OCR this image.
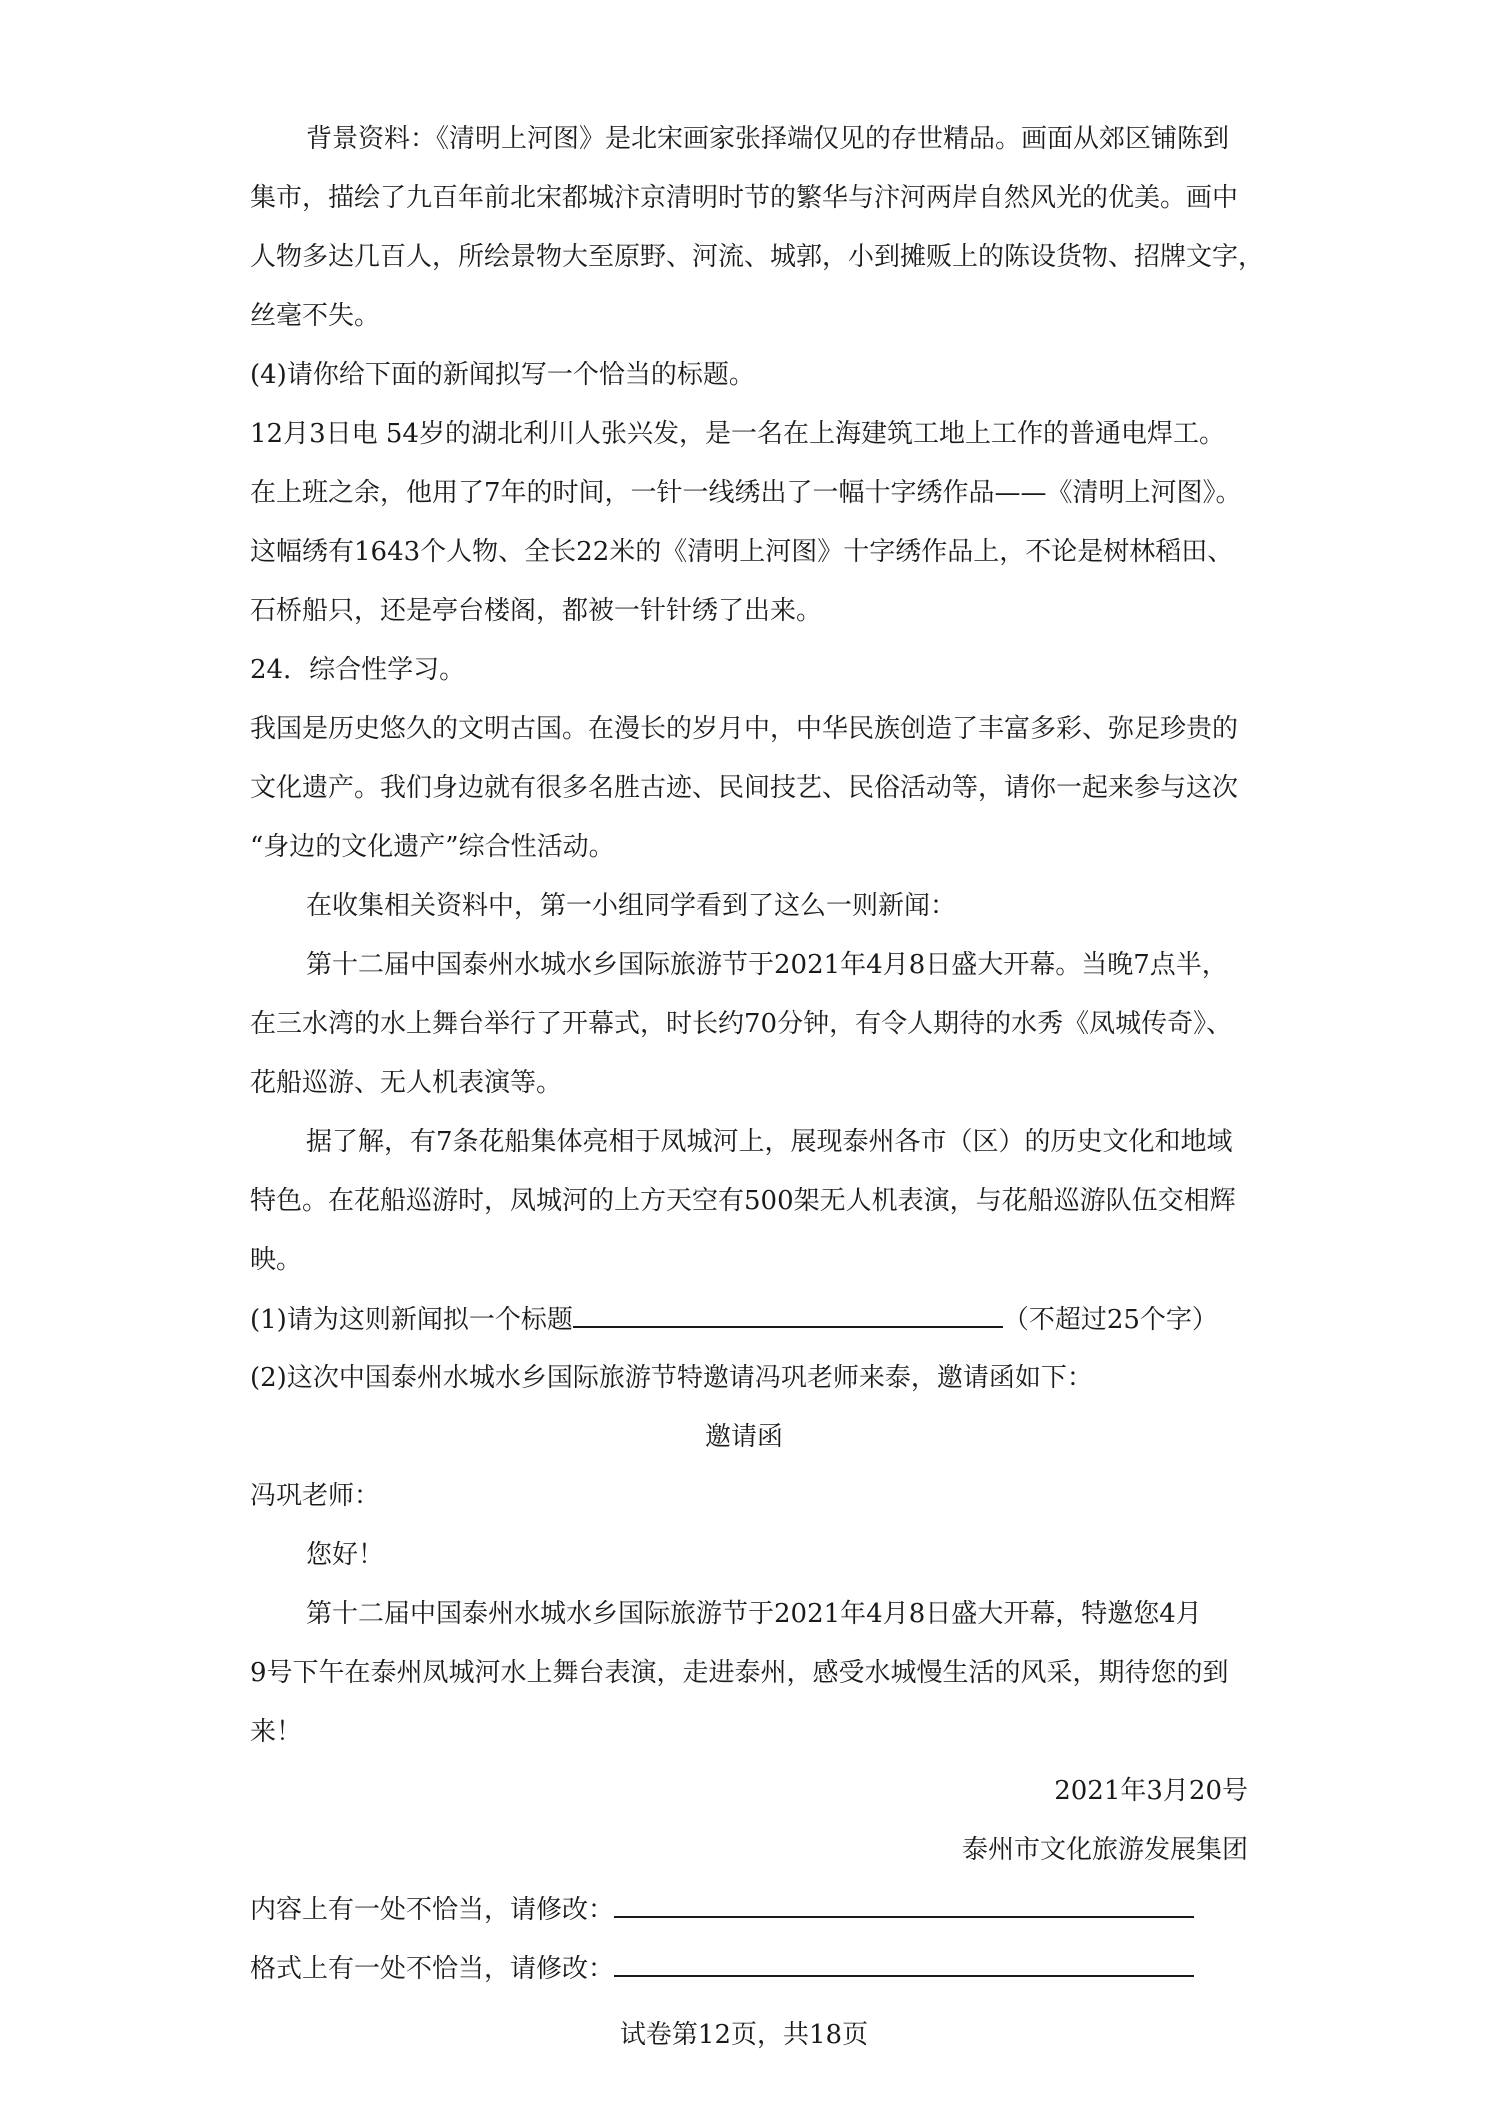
背景资料：《清明上河图》是北宋画家张择端仅见的存世精品。画面从郊区铺陈到
集市，描绘了九百年前北宋都城汴京清明时节的繁华与汴河两岸自然风光的优美。画中
人物多达几百人，所绘景物大至原野、河流、城郭，小到摊贩上的陈设货物、招牌文字，
丝毫不失。
(4)请你给下面的新闻拟写一个恰当的标题。
12月3日电 54岁的湖北利川人张兴发，是一名在上海建筑工地上工作的普通电焊工。
在上班之余，他用了7年的时间，一针一线绣出了一幅十字绣作品——《清明上河图》。
这幅绣有1643个人物、全长22米的《清明上河图》十字绣作品上，不论是树林稻田、
石桥船只，还是亭台楼阁，都被一针针绣了出来。
24．综合性学习。
我国是历史悠久的文明古国。在漫长的岁月中，中华民族创造了丰富多彩、弥足珍贵的
文化遗产。我们身边就有很多名胜古迹、民间技艺、民俗活动等，请你一起来参与这次
“身边的文化遗产”综合性活动。
在收集相关资料中，第一小组同学看到了这么一则新闻：
第十二届中国泰州水城水乡国际旅游节于2021年4月8日盛大开幕。当晚7点半，
在三水湾的水上舞台举行了开幕式，时长约70分钟，有令人期待的水秀《凤城传奇》、
花船巡游、无人机表演等。
据了解，有7条花船集体亮相于凤城河上，展现泰州各市（区）的历史文化和地域
特色。在花船巡游时，凤城河的上方天空有500架无人机表演，与花船巡游队伍交相辉
映。
(1)请为这则新闻拟一个标题	（不超过25个字）
(2)这次中国泰州水城水乡国际旅游节特邀请冯巩老师来泰，邀请函如下：
邀请函
冯巩老师：
您好！
第十二届中国泰州水城水乡国际旅游节于2021年4月8日盛大开幕，特邀您4月
9号下午在泰州凤城河水上舞台表演，走进泰州，感受水城慢生活的风采，期待您的到
来！
2021年3月20号
泰州市文化旅游发展集团
内容上有一处不恰当，请修改：
格式上有一处不恰当，请修改：
试卷第12页，共18页
